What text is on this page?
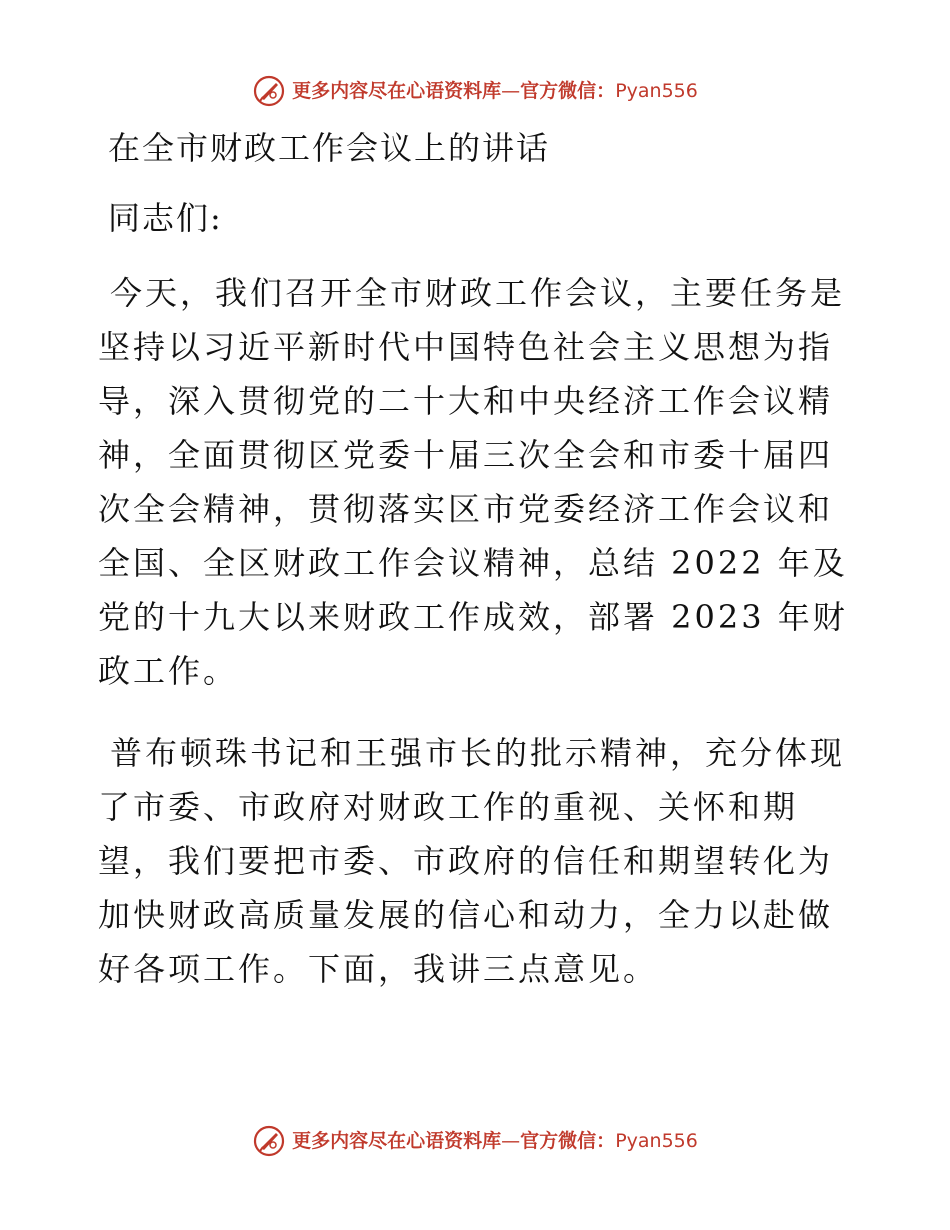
更多内容尽在心语资料库—官方微信：Pyan556
在全市财政工作会议上的讲话

同志们:

今天，我们召开全市财政工作会议，主要任务是坚持以习近平新时代中国特色社会主义思想为指导，深入贯彻党的二十大和中央经济工作会议精神，全面贯彻区党委十届三次全会和市委十届四次全会精神，贯彻落实区市党委经济工作会议和全国、全区财政工作会议精神，总结 2022 年及党的十九大以来财政工作成效，部署 2023 年财政工作。

普布顿珠书记和王强市长的批示精神，充分体现了市委、市政府对财政工作的重视、关怀和期望，我们要把市委、市政府的信任和期望转化为加快财政高质量发展的信心和动力，全力以赴做好各项工作。下面，我讲三点意见。

更多内容尽在心语资料库—官方微信：Pyan556
